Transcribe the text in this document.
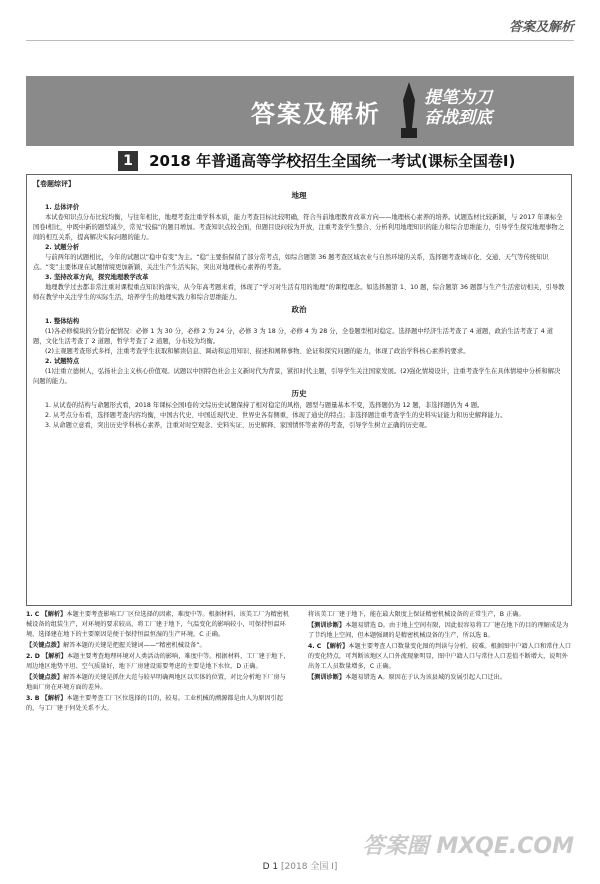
答案及解析
答案及解析
提笔为刀
奋战到底
1 2018 年普通高等学校招生全国统一考试(课标全国卷Ⅰ)
【卷题综评】
地理

1. 总体评价

本试卷知识点分布比较均衡，与往年相比，地理考查注重学科本质，能力考查目标比较明确，符合当前地理教育改革方向——地理核心素养的培养。试题选材比较新颖，与 2017 年课标全国卷Ⅰ相比，中既中新的题型减少，常见“较偏”的题目增加。考查知识点较全面，但题目设问较为开放，注重考查学生整合、分析利用地理知识的能力和综合思维能力，引导学生探究地理事物之间的相互关系，提高解决实际问题的能力。

2. 试题分析

与前两年的试题相比，今年的试题以“稳中有变”为主。“稳”主要指保留了部分常考点，如综合题第 36 题考查区域农业与自然环境的关系，选择题考查城市化、交通、天气等传统知识点。“变”主要体现在试题情境更加新颖，关注生产生活实际，突出对地理核心素养的考查。

3. 坚持改革方向，探究地理教学改革

地理教学过去都非常注重对课程重点知识的落实，从今年高考题来看，体现了“学习对生活有用的地理”的课程理念。如选择题第 1、10 题，综合题第 36 题都与生产生活密切相关，引导教师在教学中关注学生的实际生活，培养学生的地理实践力和综合思维能力。

政治

1. 整体结构

(1)各必修模块的分值分配情况：必修 1 为 30 分，必修 2 为 24 分，必修 3 为 18 分，必修 4 为 28 分，全卷题型相对稳定。选择题中经济生活考查了 4 道题，政治生活考查了 4 道题，文化生活考查了 2 道题，哲学考查了 2 道题，分布较为均衡。

(2)主观题考查形式多样，注重考查学生获取和解读信息、调动和运用知识、描述和阐释事物、论证和探究问题的能力，体现了政治学科核心素养的要求。

2. 试题特点

(1)注重立德树人，弘扬社会主义核心价值观。试题以中国特色社会主义新时代为背景，紧扣时代主题，引导学生关注国家发展。(2)强化情境设计，注重考查学生在具体情境中分析和解决问题的能力。

历史

1. 从试卷的结构与命题形式看，2018 年课标全国Ⅰ卷的文综历史试题保持了相对稳定的风格，题型与题量基本不变，选择题仍为 12 题，非选择题仍为 4 题。

2. 从考点分布看，选择题考查内容均衡，中国古代史、中国近现代史、世界史各有侧重，体现了通史的特点；非选择题注重考查学生的史料实证能力和历史解释能力。

3. 从命题立意看，突出历史学科核心素养，注重对时空观念、史料实证、历史解释、家国情怀等素养的考查，引导学生树立正确的历史观。

1. C 【解析】本题主要考查影响工厂区位选择的因素，难度中等。根据材料，该美工厂为精密机械设备的组装生产，对环境的要求较高，将工厂建于地下，气温变化的影响较小，可保持恒温环境，选择建在地下的主要原因是便于保持恒温恒湿的生产环境，C 正确。

【关键点拨】解答本题的关键是把握关键词——“精密机械设备”。

2. D 【解析】本题主要考查地理环境对人类活动的影响，难度中等。根据材料，工厂建于地下，周边地区地势平坦、空气质量好，地下厂房建设需要考虑的主要是地下水位，D 正确。

【关键点拨】解答本题的关键是抓住大范与较早明确两地区以实体的位置，对比分析地下厂房与地面厂房在环境方面的差异。

3. B 【解析】本题主要考查工厂区位选择的目的，较易。工业机械的溯源都是由人为原因引起的，与工厂建于何处关系不大。

将该美工厂建于地下，能在最大限度上保证精密机械设备的正常生产，B 正确。

【测训诊断】本题易错选 D。由于地上空间有限，因此很容易将工厂建在地下的目的理解成是为了节约地上空间，但本题强调的是精密机械设备的生产，所以选 B。

4. C 【解析】本题主要考查人口数量变化图的判读与分析，较难。根据图中户籍人口和常住人口的变化特点，可判断该地区人口外流现象明显，图中户籍人口与常住人口差值不断增大，说明外出务工人员数量增多，C 正确。

【测训诊断】本题易错选 A。原因在于认为该县城的发展引起人口迁出。

答案圈 MXQE.COM
D 1 [2018 全国 Ⅰ]
